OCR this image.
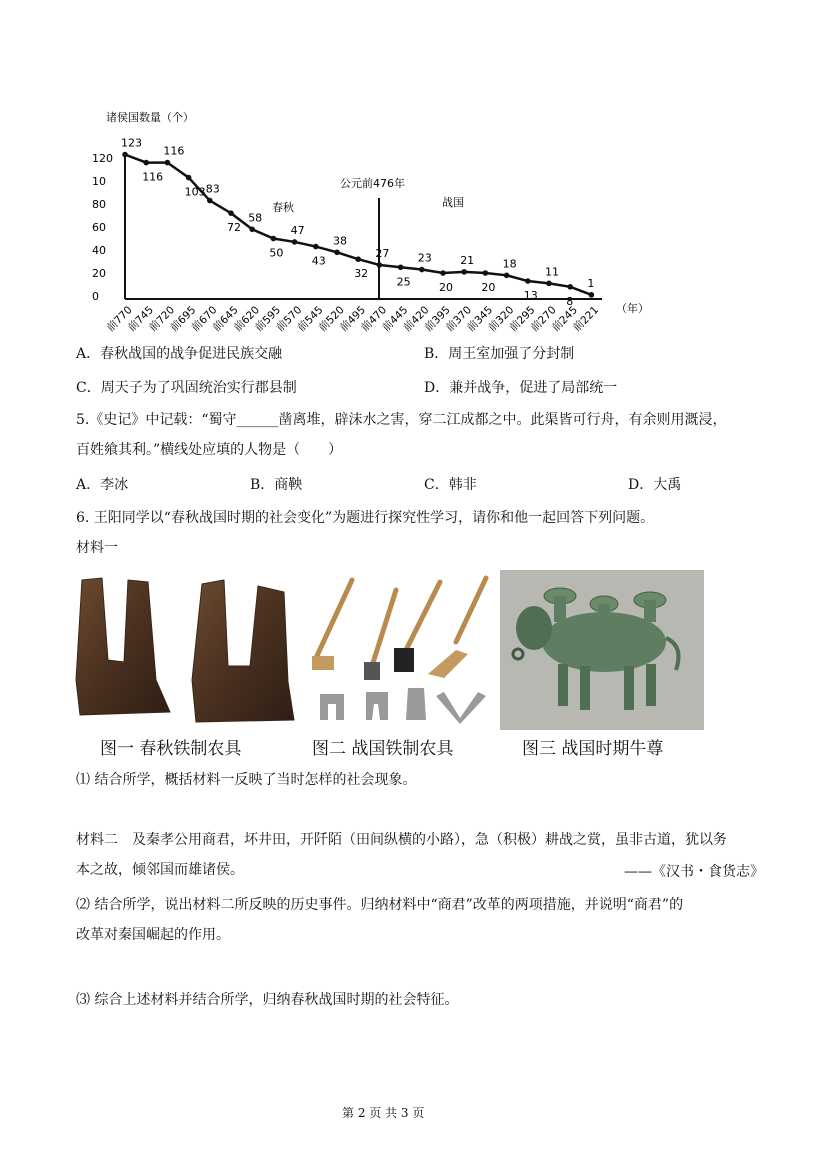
诸侯国数量（个）
0
20
40
60
80
10
120
公元前476年
春秋	战国
123
116
116
103 83
72
58
50
47
43
38
32
27
25
23
20
21
20
18
13
11
8
1
前770
前745
前720
前695
前670
前645
前620
前595
前570
前545
前520
前495
前470
前445
前420
前395
前370
前345
前320
前295
前270
前245
前221 （年）
A．春秋战国的战争促进民族交融	B．周王室加强了分封制
C．周天子为了巩固统治实行郡县制	D．兼并战争，促进了局部统一
5.《史记》中记载：“蜀守______凿离堆，辟沫水之害，穿二江成都之中。此渠皆可行舟，有余则用溉浸，
百姓飨其利。”横线处应填的人物是（　　）
A．李冰	B．商鞅	C．韩非	D．大禹
6. 王阳同学以“春秋战国时期的社会变化”为题进行探究性学习，请你和他一起回答下列问题。
材料一
图一 春秋铁制农具	图二 战国铁制农具	图三 战国时期牛尊
⑴ 结合所学，概括材料一反映了当时怎样的社会现象。
材料二　及秦孝公用商君，坏井田，开阡陌（田间纵横的小路），急（积极）耕战之赏，虽非古道，犹以务
本之故，倾邻国而雄诸侯。	——《汉书・食货志》
⑵ 结合所学，说出材料二所反映的历史事件。归纳材料中“商君”改革的两项措施，并说明“商君”的
改革对秦国崛起的作用。
⑶ 综合上述材料并结合所学，归纳春秋战国时期的社会特征。
第 2 页 共 3 页
